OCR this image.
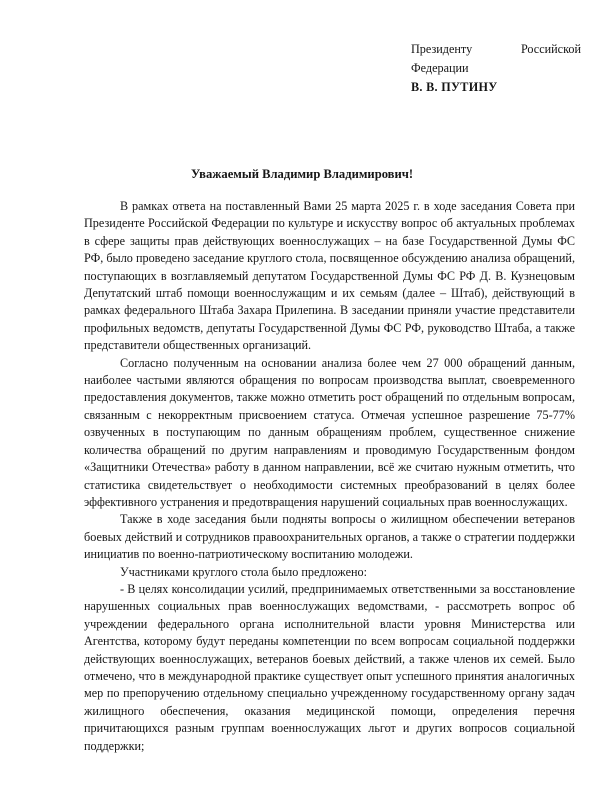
Президенту	Российской
Федерации
В. В. ПУТИНУ
Уважаемый Владимир Владимирович!

В рамках ответа на поставленный Вами 25 марта 2025 г. в ходе заседания Совета при Президенте Российской Федерации по культуре и искусству вопрос об актуальных проблемах в сфере защиты прав действующих военнослужащих – на базе Государственной Думы ФС РФ, было проведено заседание круглого стола, посвященное обсуждению анализа обращений, поступающих в возглавляемый депутатом Государственной Думы ФС РФ Д. В. Кузнецовым Депутатский штаб помощи военнослужащим и их семьям (далее – Штаб), действующий в рамках федерального Штаба Захара Прилепина. В заседании приняли участие представители профильных ведомств, депутаты Государственной Думы ФС РФ, руководство Штаба, а также представители общественных организаций.

Согласно полученным на основании анализа более чем 27 000 обращений данным, наиболее частыми являются обращения по вопросам производства выплат, своевременного предоставления документов, также можно отметить рост обращений по отдельным вопросам, связанным с некорректным присвоением статуса. Отмечая успешное разрешение 75-77% озвученных в поступающим по данным обращениям проблем, существенное снижение количества обращений по другим направлениям и проводимую Государственным фондом «Защитники Отечества» работу в данном направлении, всё же считаю нужным отметить, что статистика свидетельствует о необходимости системных преобразований в целях более эффективного устранения и предотвращения нарушений социальных прав военнослужащих.

Также в ходе заседания были подняты вопросы о жилищном обеспечении ветеранов боевых действий и сотрудников правоохранительных органов, а также о стратегии поддержки инициатив по военно-патриотическому воспитанию молодежи.

Участниками круглого стола было предложено:

- В целях консолидации усилий, предпринимаемых ответственными за восстановление нарушенных социальных прав военнослужащих ведомствами, - рассмотреть вопрос об учреждении федерального органа исполнительной власти уровня Министерства или Агентства, которому будут переданы компетенции по всем вопросам социальной поддержки действующих военнослужащих, ветеранов боевых действий, а также членов их семей. Было отмечено, что в международной практике существует опыт успешного принятия аналогичных мер по препоручению отдельному специально учрежденному государственному органу задач жилищного обеспечения, оказания медицинской помощи, определения перечня причитающихся разным группам военнослужащих льгот и других вопросов социальной поддержки;
